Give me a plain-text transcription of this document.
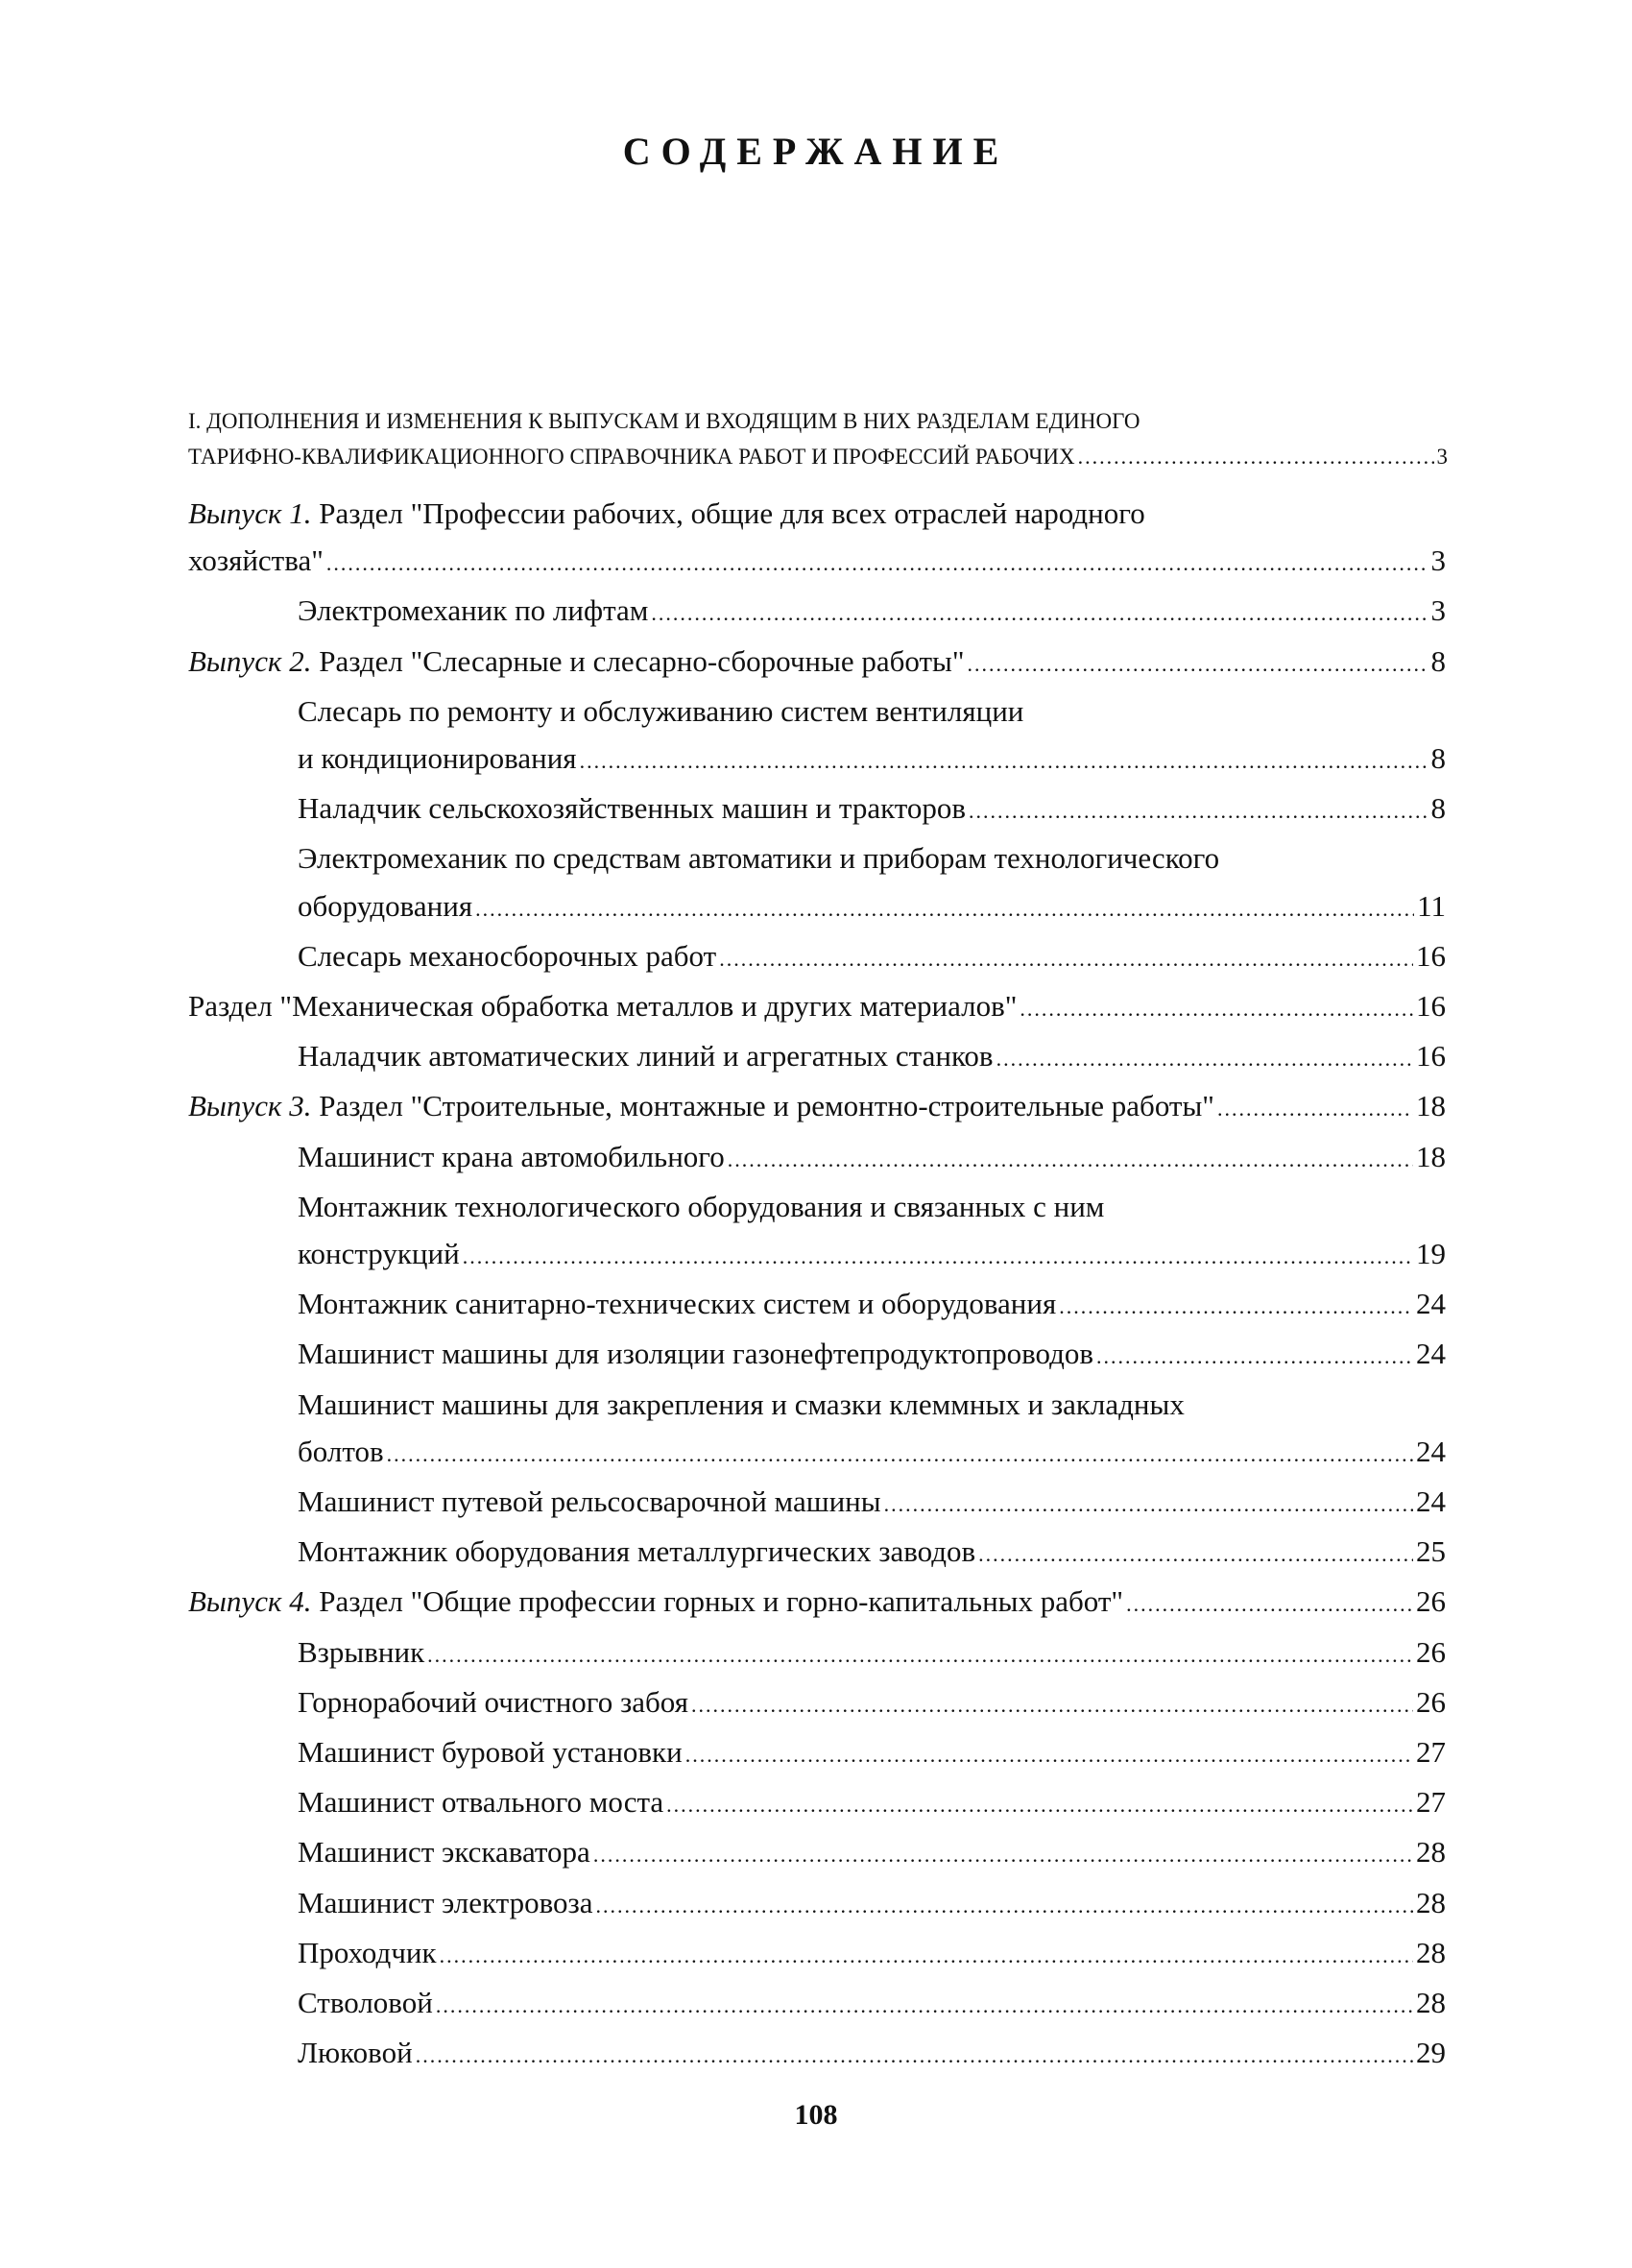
СОДЕРЖАНИЕ
I. ДОПОЛНЕНИЯ И ИЗМЕНЕНИЯ К ВЫПУСКАМ И ВХОДЯЩИМ В НИХ РАЗДЕЛАМ ЕДИНОГО
ТАРИФНО-КВАЛИФИКАЦИОННОГО СПРАВОЧНИКА РАБОТ И ПРОФЕССИЙ РАБОЧИХ .....	3
Выпуск 1. Раздел "Профессии рабочих, общие для всех отраслей народного
хозяйства" .....	3
Электромеханик по лифтам .....	3
Выпуск 2. Раздел "Слесарные и слесарно-сборочные работы" .....	8
Слесарь по ремонту и обслуживанию систем вентиляции
и кондиционирования .....	8
Наладчик сельскохозяйственных машин и тракторов .....	8
Электромеханик по средствам автоматики и приборам технологического
оборудования .....	11
Слесарь механосборочных работ .....	16
Раздел "Механическая обработка металлов и других материалов" .....	16
Наладчик автоматических линий и агрегатных станков .....	16
Выпуск 3. Раздел "Строительные, монтажные и ремонтно-строительные работы" .....	18
Машинист крана автомобильного .....	18
Монтажник технологического оборудования и связанных с ним
конструкций .....	19
Монтажник санитарно-технических систем и оборудования .....	24
Машинист машины для изоляции газонефтепродуктопроводов .....	24
Машинист машины для закрепления и смазки клеммных и закладных
болтов .....	24
Машинист путевой рельсосварочной машины .....	24
Монтажник оборудования металлургических заводов .....	25
Выпуск 4. Раздел "Общие профессии горных и горно-капитальных работ" .....	26
Взрывник .....	26
Горнорабочий очистного забоя .....	26
Машинист буровой установки .....	27
Машинист отвального моста .....	27
Машинист экскаватора .....	28
Машинист электровоза .....	28
Проходчик .....	28
Стволовой .....	28
Люковой .....	29
108
